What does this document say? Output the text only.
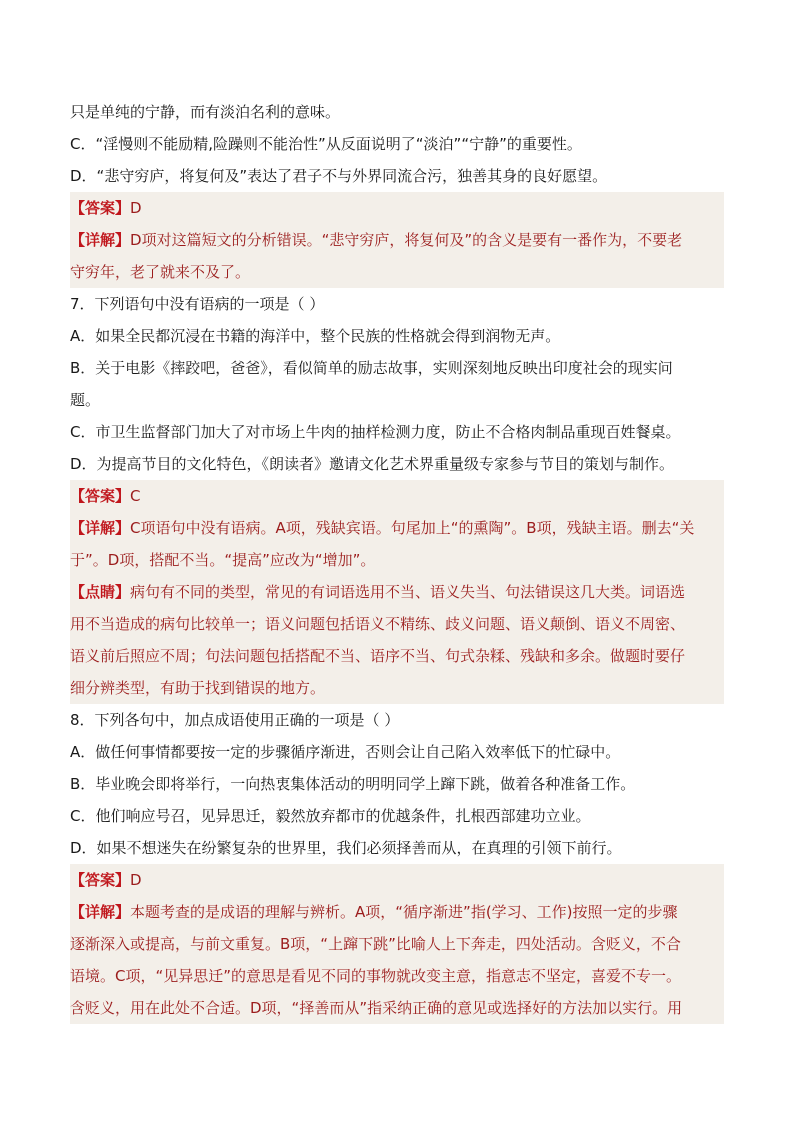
只是单纯的宁静，而有淡泊名利的意味。
C．“淫慢则不能励精,险躁则不能治性”从反面说明了“淡泊”“宁静”的重要性。
D．“悲守穷庐，将复何及”表达了君子不与外界同流合污，独善其身的良好愿望。
【答案】D
【详解】D项对这篇短文的分析错误。“悲守穷庐，将复何及”的含义是要有一番作为，不要老
守穷年，老了就来不及了。
7．下列语句中没有语病的一项是（ ）
A．如果全民都沉浸在书籍的海洋中，整个民族的性格就会得到润物无声。
B．关于电影《摔跤吧，爸爸》，看似简单的励志故事，实则深刻地反映出印度社会的现实问
题。
C．市卫生监督部门加大了对市场上牛肉的抽样检测力度，防止不合格肉制品重现百姓餐桌。
D．为提高节目的文化特色，《朗读者》邀请文化艺术界重量级专家参与节目的策划与制作。
【答案】C
【详解】C项语句中没有语病。A项，残缺宾语。句尾加上“的熏陶”。B项，残缺主语。删去“关
于”。D项，搭配不当。“提高”应改为“增加”。
【点睛】病句有不同的类型，常见的有词语选用不当、语义失当、句法错误这几大类。词语选
用不当造成的病句比较单一；语义问题包括语义不精练、歧义问题、语义颠倒、语义不周密、
语义前后照应不周；句法问题包括搭配不当、语序不当、句式杂糅、残缺和多余。做题时要仔
细分辨类型，有助于找到错误的地方。
8．下列各句中，加点成语使用正确的一项是（ ）
A．做任何事情都要按一定的步骤循序渐进，否则会让自己陷入效率低下的忙碌中。
B．毕业晚会即将举行，一向热衷集体活动的明明同学上蹿下跳，做着各种准备工作。
C．他们响应号召，见异思迁，毅然放弃都市的优越条件，扎根西部建功立业。
D．如果不想迷失在纷繁复杂的世界里，我们必须择善而从，在真理的引领下前行。
【答案】D
【详解】本题考查的是成语的理解与辨析。A项，“循序渐进”指(学习、工作)按照一定的步骤
逐渐深入或提高，与前文重复。B项，“上蹿下跳”比喻人上下奔走，四处活动。含贬义，不合
语境。C项，“见异思迁”的意思是看见不同的事物就改变主意，指意志不坚定，喜爱不专一。
含贬义，用在此处不合适。D项，“择善而从”指采纳正确的意见或选择好的方法加以实行。用
